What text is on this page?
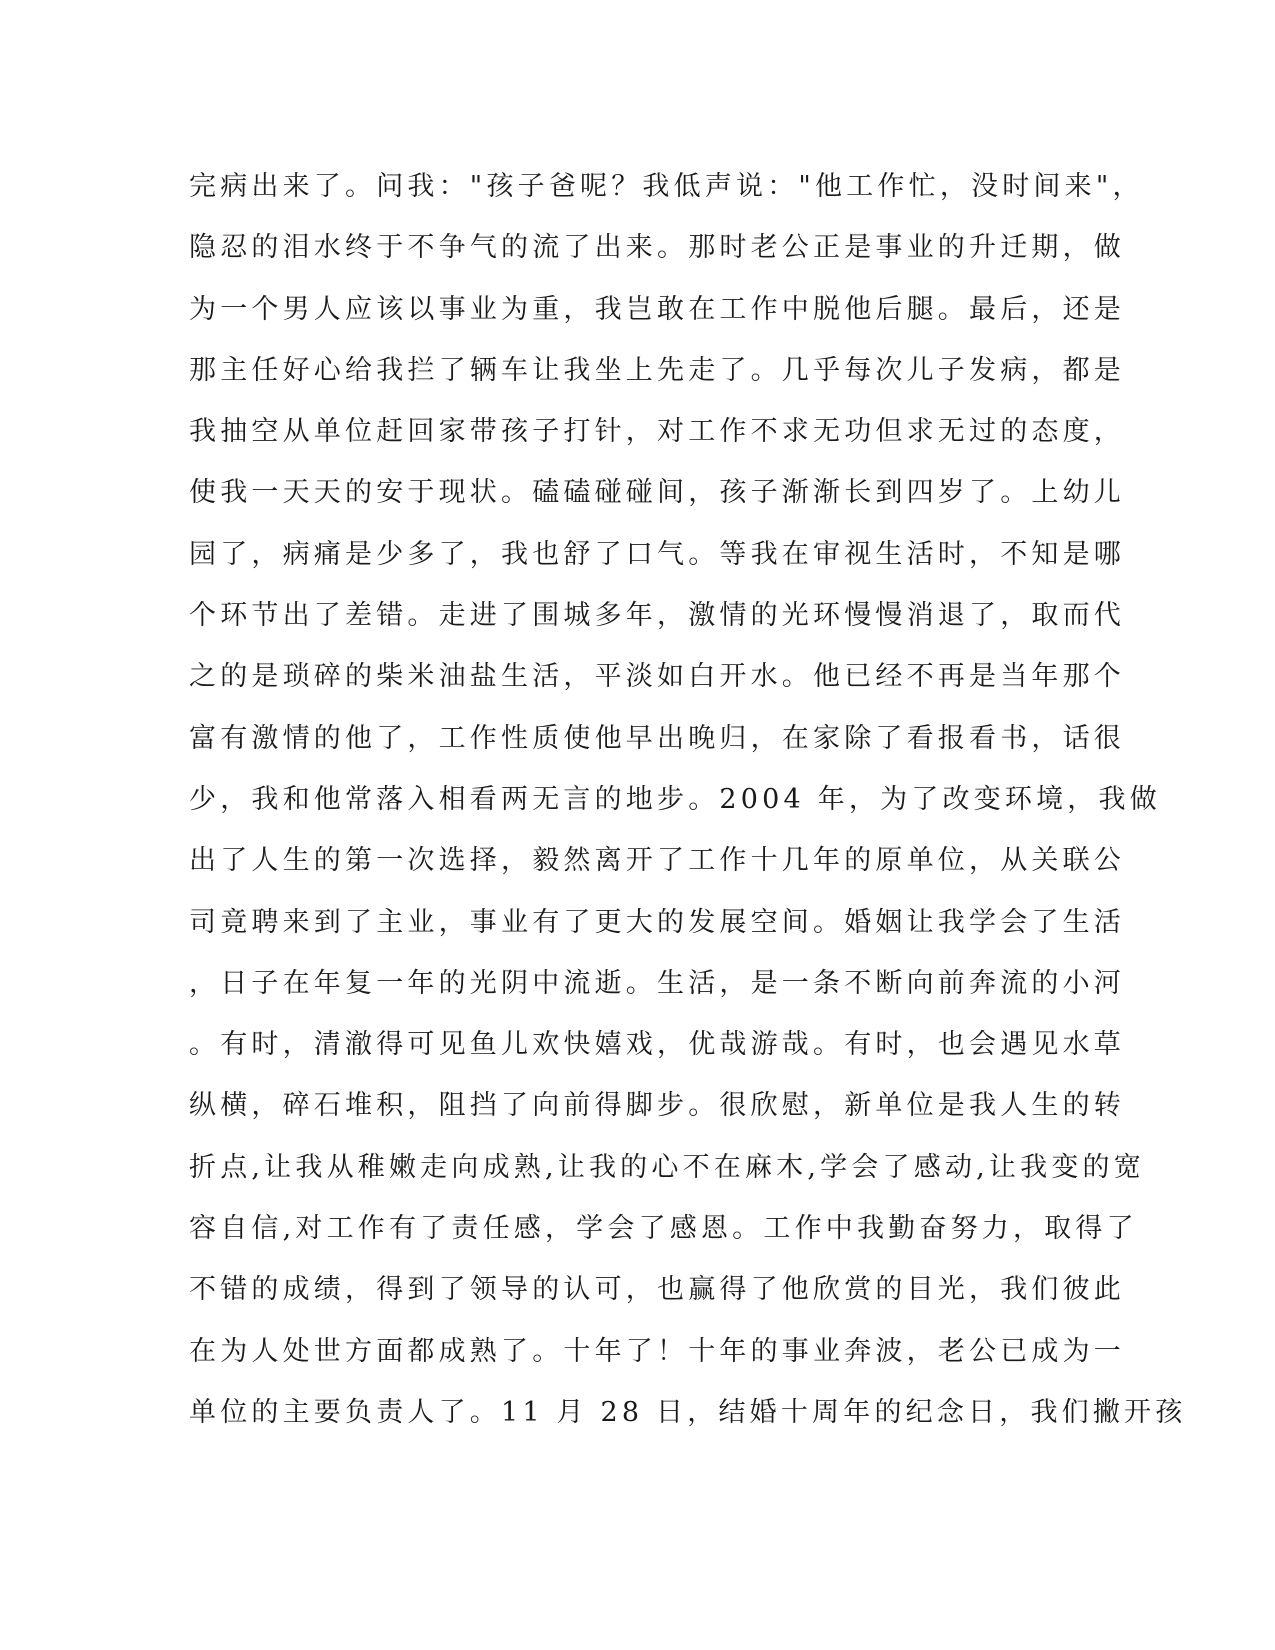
完病出来了。问我："孩子爸呢？我低声说："他工作忙，没时间来"，
隐忍的泪水终于不争气的流了出来。那时老公正是事业的升迁期，做
为一个男人应该以事业为重，我岂敢在工作中脱他后腿。最后，还是
那主任好心给我拦了辆车让我坐上先走了。几乎每次儿子发病，都是
我抽空从单位赶回家带孩子打针，对工作不求无功但求无过的态度，
使我一天天的安于现状。磕磕碰碰间，孩子渐渐长到四岁了。上幼儿
园了，病痛是少多了，我也舒了口气。等我在审视生活时，不知是哪
个环节出了差错。走进了围城多年，激情的光环慢慢消退了，取而代
之的是琐碎的柴米油盐生活，平淡如白开水。他已经不再是当年那个
富有激情的他了，工作性质使他早出晚归，在家除了看报看书，话很
少，我和他常落入相看两无言的地步。2004 年，为了改变环境，我做
出了人生的第一次选择，毅然离开了工作十几年的原单位，从关联公
司竟聘来到了主业，事业有了更大的发展空间。婚姻让我学会了生活
，日子在年复一年的光阴中流逝。生活，是一条不断向前奔流的小河
。有时，清澈得可见鱼儿欢快嬉戏，优哉游哉。有时，也会遇见水草
纵横，碎石堆积，阻挡了向前得脚步。很欣慰，新单位是我人生的转
折点,让我从稚嫩走向成熟,让我的心不在麻木,学会了感动,让我变的宽
容自信,对工作有了责任感，学会了感恩。工作中我勤奋努力，取得了
不错的成绩，得到了领导的认可，也赢得了他欣赏的目光，我们彼此
在为人处世方面都成熟了。十年了！十年的事业奔波，老公已成为一
单位的主要负责人了。11 月 28 日，结婚十周年的纪念日，我们撇开孩
